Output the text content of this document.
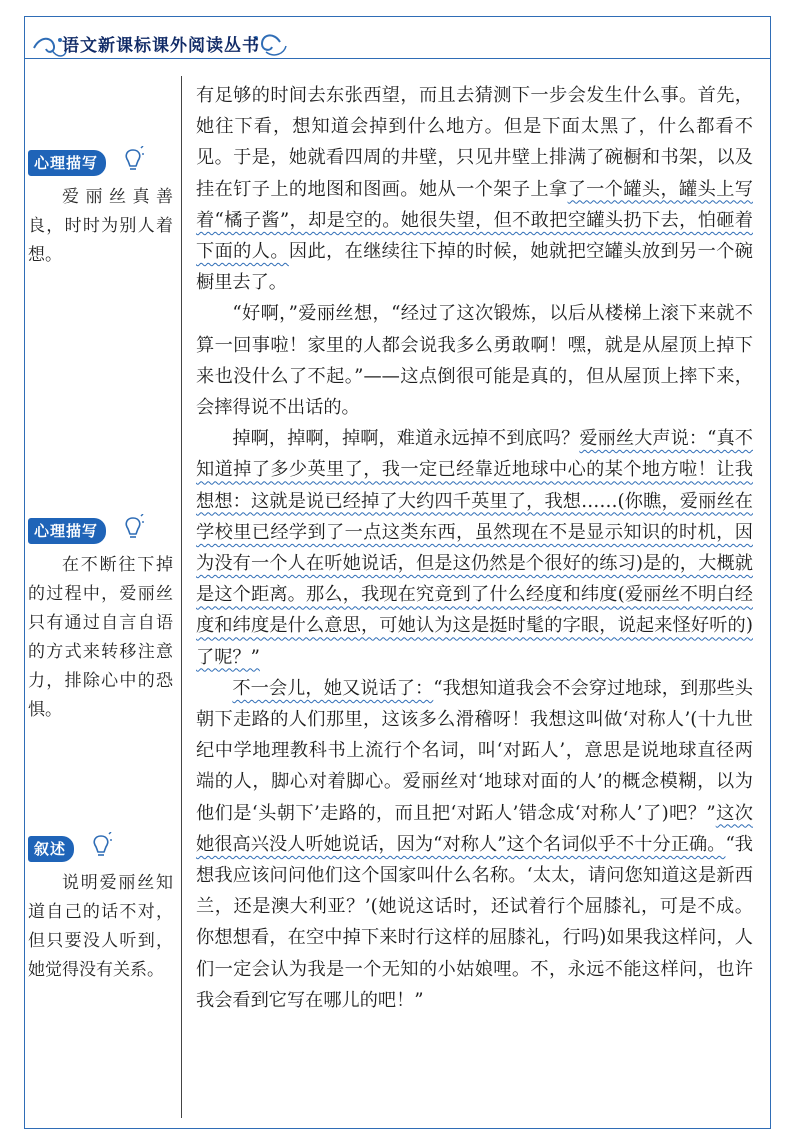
语文新课标课外阅读丛书
心理描写
爱丽丝真善良，时时为别人着想。
心理描写
在不断往下掉的过程中，爱丽丝只有通过自言自语的方式来转移注意力，排除心中的恐惧。
叙述
说明爱丽丝知道自己的话不对，但只要没人听到，她觉得没有关系。

有足够的时间去东张西望，而且去猜测下一步会发生什么事。首先，她往下看，想知道会掉到什么地方。但是下面太黑了，什么都看不见。于是，她就看四周的井壁，只见井壁上排满了碗橱和书架，以及挂在钉子上的地图和图画。她从一个架子上拿了一个罐头，罐头上写着“橘子酱”，却是空的。她很失望，但不敢把空罐头扔下去，怕砸着下面的人。因此，在继续往下掉的时候，她就把空罐头放到另一个碗橱里去了。

“好啊，”爱丽丝想，“经过了这次锻炼，以后从楼梯上滚下来就不算一回事啦！家里的人都会说我多么勇敢啊！嘿，就是从屋顶上掉下来也没什么了不起。”——这点倒很可能是真的，但从屋顶上摔下来，会摔得说不出话的。

掉啊，掉啊，掉啊，难道永远掉不到底吗？爱丽丝大声说：“真不知道掉了多少英里了，我一定已经靠近地球中心的某个地方啦！让我想想：这就是说已经掉了大约四千英里了，我想……(你瞧，爱丽丝在学校里已经学到了一点这类东西，虽然现在不是显示知识的时机，因为没有一个人在听她说话，但是这仍然是个很好的练习)是的，大概就是这个距离。那么，我现在究竟到了什么经度和纬度(爱丽丝不明白经度和纬度是什么意思，可她认为这是挺时髦的字眼，说起来怪好听的)了呢？”

不一会儿，她又说话了：“我想知道我会不会穿过地球，到那些头朝下走路的人们那里，这该多么滑稽呀！我想这叫做‘对称人’(十九世纪中学地理教科书上流行个名词，叫‘对跖人’，意思是说地球直径两端的人，脚心对着脚心。爱丽丝对‘地球对面的人’的概念模糊，以为他们是‘头朝下’走路的，而且把‘对跖人’错念成‘对称人’了)吧？”这次她很高兴没人听她说话，因为“对称人”这个名词似乎不十分正确。“我想我应该问问他们这个国家叫什么名称。‘太太，请问您知道这是新西兰，还是澳大利亚？’(她说这话时，还试着行个屈膝礼，可是不成。你想想看，在空中掉下来时行这样的屈膝礼，行吗)如果我这样问，人们一定会认为我是一个无知的小姑娘哩。不，永远不能这样问，也许我会看到它写在哪儿的吧！”
